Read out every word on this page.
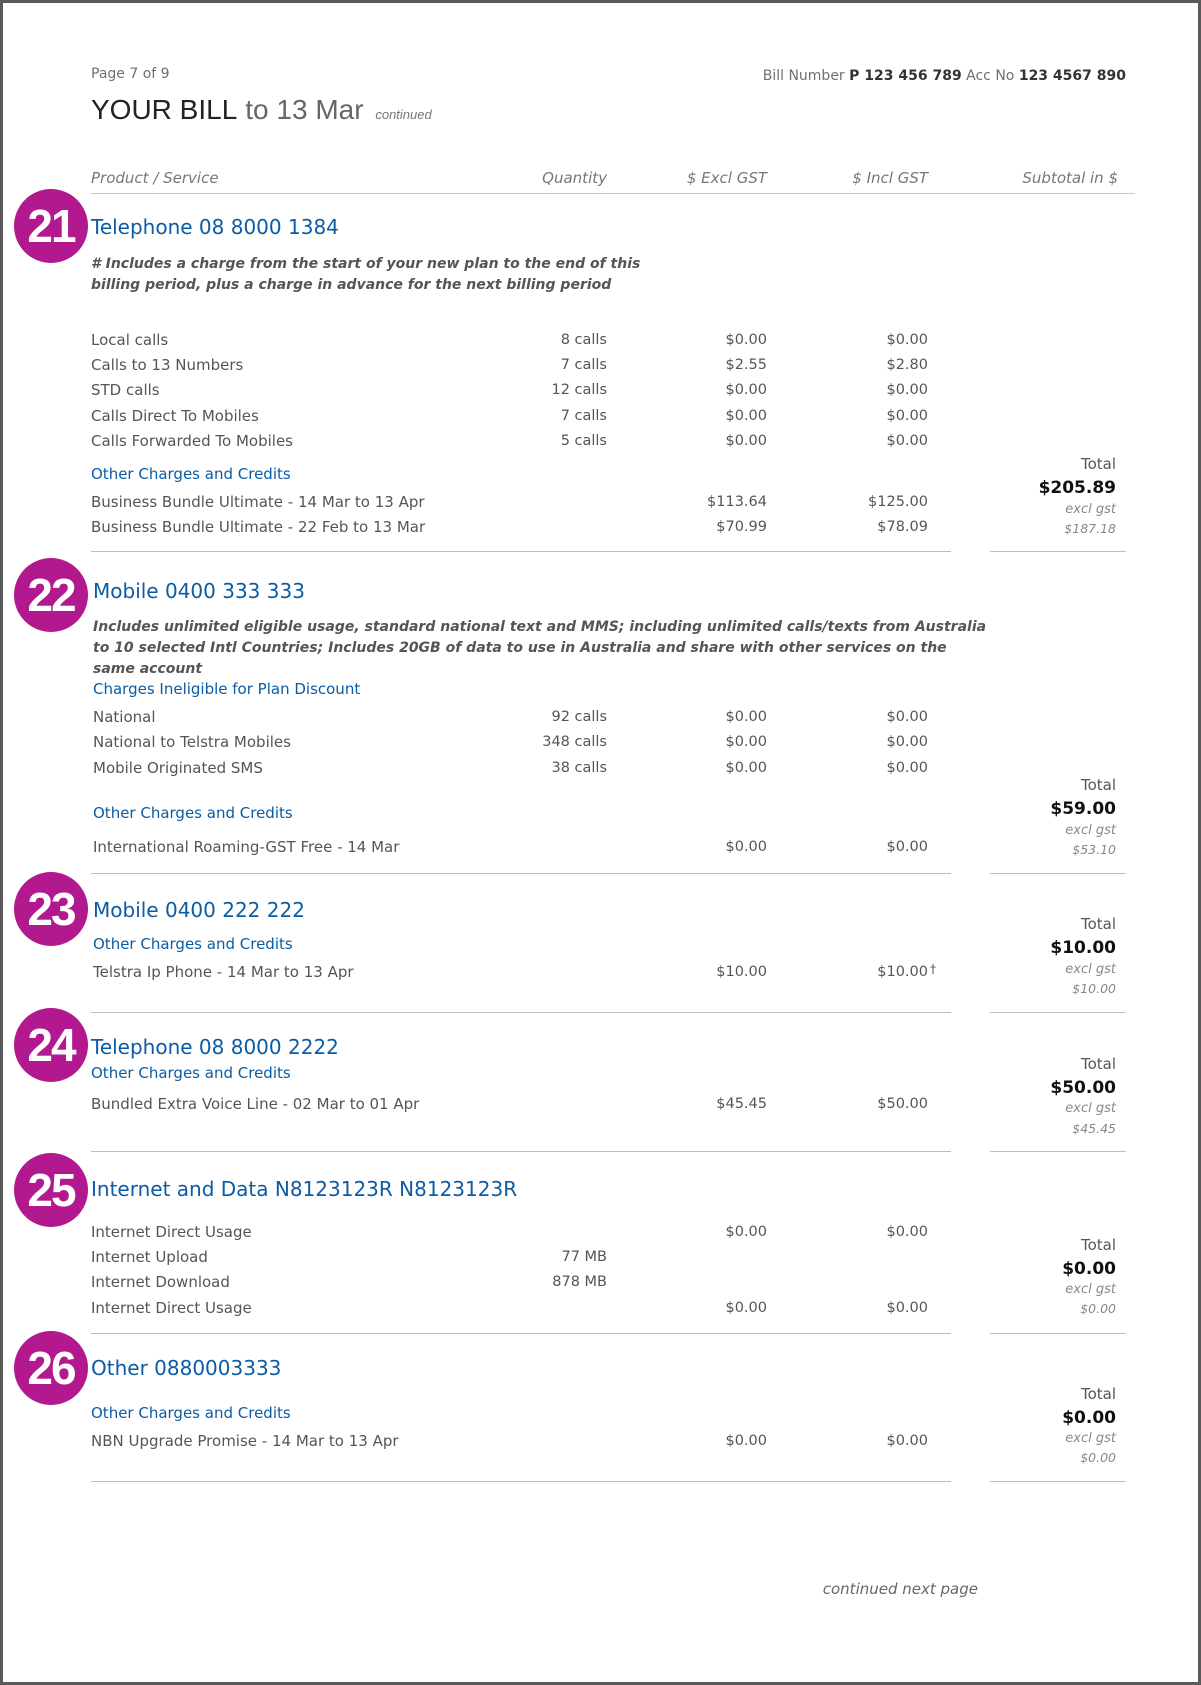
Page 7 of 9	Bill Number P 123 456 789 Acc No 123 4567 890
YOUR BILL to 13 Mar continued
Product / Service	Quantity	$ Excl GST	$ Incl GST	Subtotal in $
21 Telephone 08 8000 1384
# Includes a charge from the start of your new plan to the end of this billing period, plus a charge in advance for the next billing period
Local calls	8 calls	$0.00	$0.00
Calls to 13 Numbers	7 calls	$2.55	$2.80
STD calls	12 calls	$0.00	$0.00
Calls Direct To Mobiles	7 calls	$0.00	$0.00
Calls Forwarded To Mobiles	5 calls	$0.00	$0.00
Other Charges and Credits
Business Bundle Ultimate - 14 Mar to 13 Apr	$113.64	$125.00
Business Bundle Ultimate - 22 Feb to 13 Mar	$70.99	$78.09
Total
$205.89
excl gst
$187.18
22 Mobile 0400 333 333
Includes unlimited eligible usage, standard national text and MMS; including unlimited calls/texts from Australia to 10 selected Intl Countries; Includes 20GB of data to use in Australia and share with other services on the same account
Charges Ineligible for Plan Discount
National	92 calls	$0.00	$0.00
National to Telstra Mobiles	348 calls	$0.00	$0.00
Mobile Originated SMS	38 calls	$0.00	$0.00
Other Charges and Credits
International Roaming-GST Free - 14 Mar	$0.00	$0.00
Total
$59.00
excl gst
$53.10
23 Mobile 0400 222 222
Other Charges and Credits
Telstra Ip Phone - 14 Mar to 13 Apr	$10.00	$10.00 †
Total
$10.00
excl gst
$10.00
24 Telephone 08 8000 2222
Other Charges and Credits
Bundled Extra Voice Line - 02 Mar to 01 Apr	$45.45	$50.00
Total
$50.00
excl gst
$45.45
25 Internet and Data N8123123R N8123123R
Internet Direct Usage	$0.00	$0.00
Internet Upload	77 MB
Internet Download	878 MB
Internet Direct Usage	$0.00	$0.00
Total
$0.00
excl gst
$0.00
26 Other 0880003333
Other Charges and Credits
NBN Upgrade Promise - 14 Mar to 13 Apr	$0.00	$0.00
Total
$0.00
excl gst
$0.00
continued next page
